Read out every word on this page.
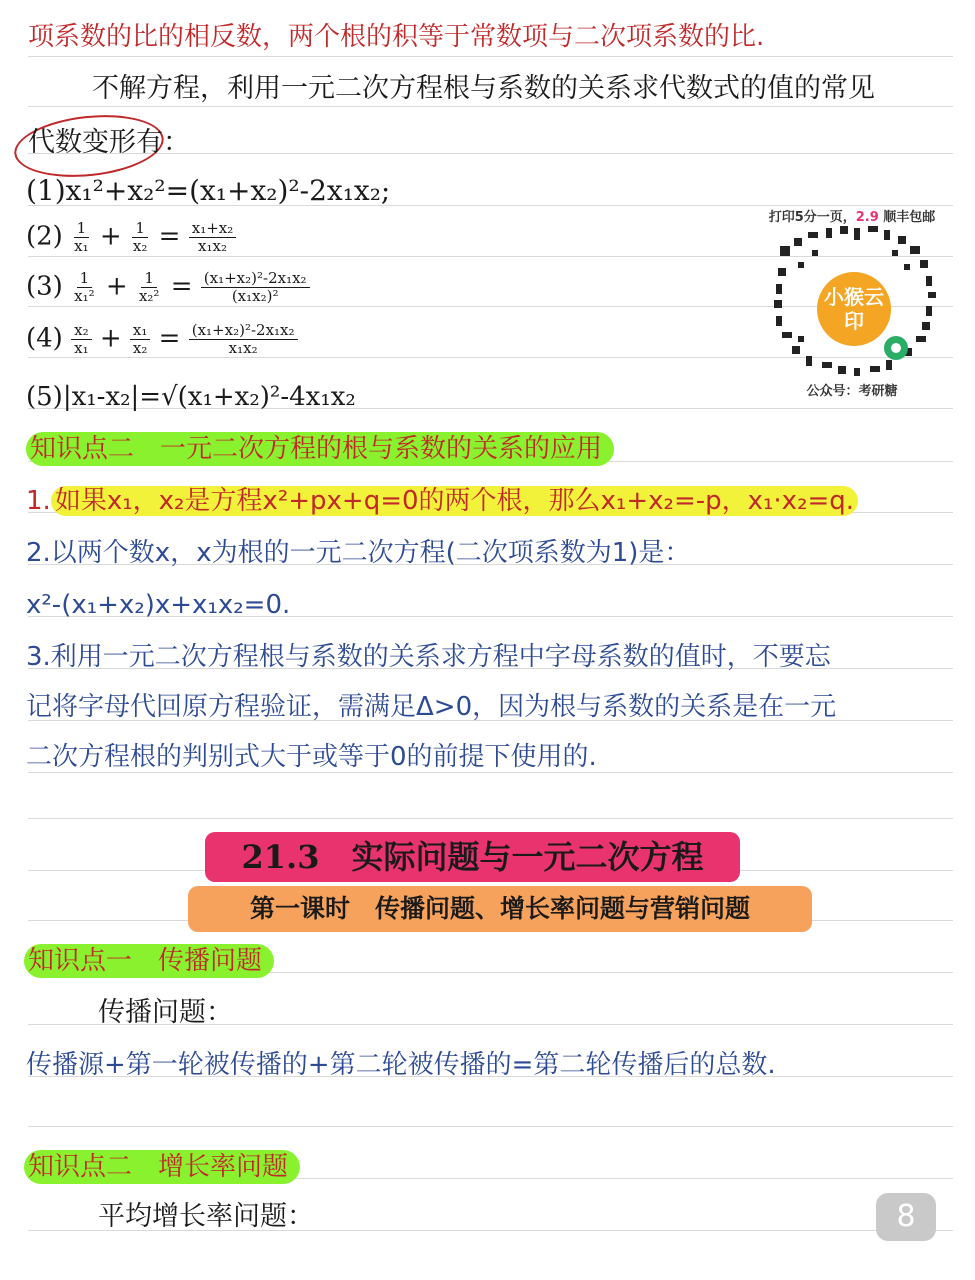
项系数的比的相反数，两个根的积等于常数项与二次项系数的比.
不解方程，利用一元二次方程根与系数的关系求代数式的值的常见
代数变形有：
(1)x₁²+x₂²=(x₁+x₂)²-2x₁x₂;
$(2) \frac{1}{\text{x₁}} + \frac{1}{\text{x₂}} = \frac{\text{x₁+x₂}}{\text{x₁x₂}}$
$(3) \frac{1}{\text{x₁²}} + \frac{1}{\text{x₂²}} = \frac{\text{(x₁+x₂)²-2x₁x₂}}{\text{(x₁x₂)²}}$
$(4) \frac{\text{x₂}}{\text{x₁}} + \frac{\text{x₁}}{\text{x₂}} = \frac{\text{(x₁+x₂)²-2x₁x₂}}{\text{x₁x₂}}$
(5)|x₁-x₂|=√(x₁+x₂)²-4x₁x₂
打印5分一页，2.9 顺丰包邮
小猴云印
公众号：考研糖
知识点二　一元二次方程的根与系数的关系的应用
1. 如果x₁，x₂是方程x²+px+q=0的两个根，那么x₁+x₂=-p，x₁·x₂=q.
2.以两个数x，x为根的一元二次方程(二次项系数为1)是：
x²-(x₁+x₂)x+x₁x₂=0.
3.利用一元二次方程根与系数的关系求方程中字母系数的值时，不要忘
记将字母代回原方程验证，需满足Δ>0，因为根与系数的关系是在一元
二次方程根的判别式大于或等于0的前提下使用的.
21.3　实际问题与一元二次方程
第一课时　传播问题、增长率问题与营销问题
知识点一　传播问题
传播问题：
传播源+第一轮被传播的+第二轮被传播的=第二轮传播后的总数.
知识点二　增长率问题
平均增长率问题：	8
